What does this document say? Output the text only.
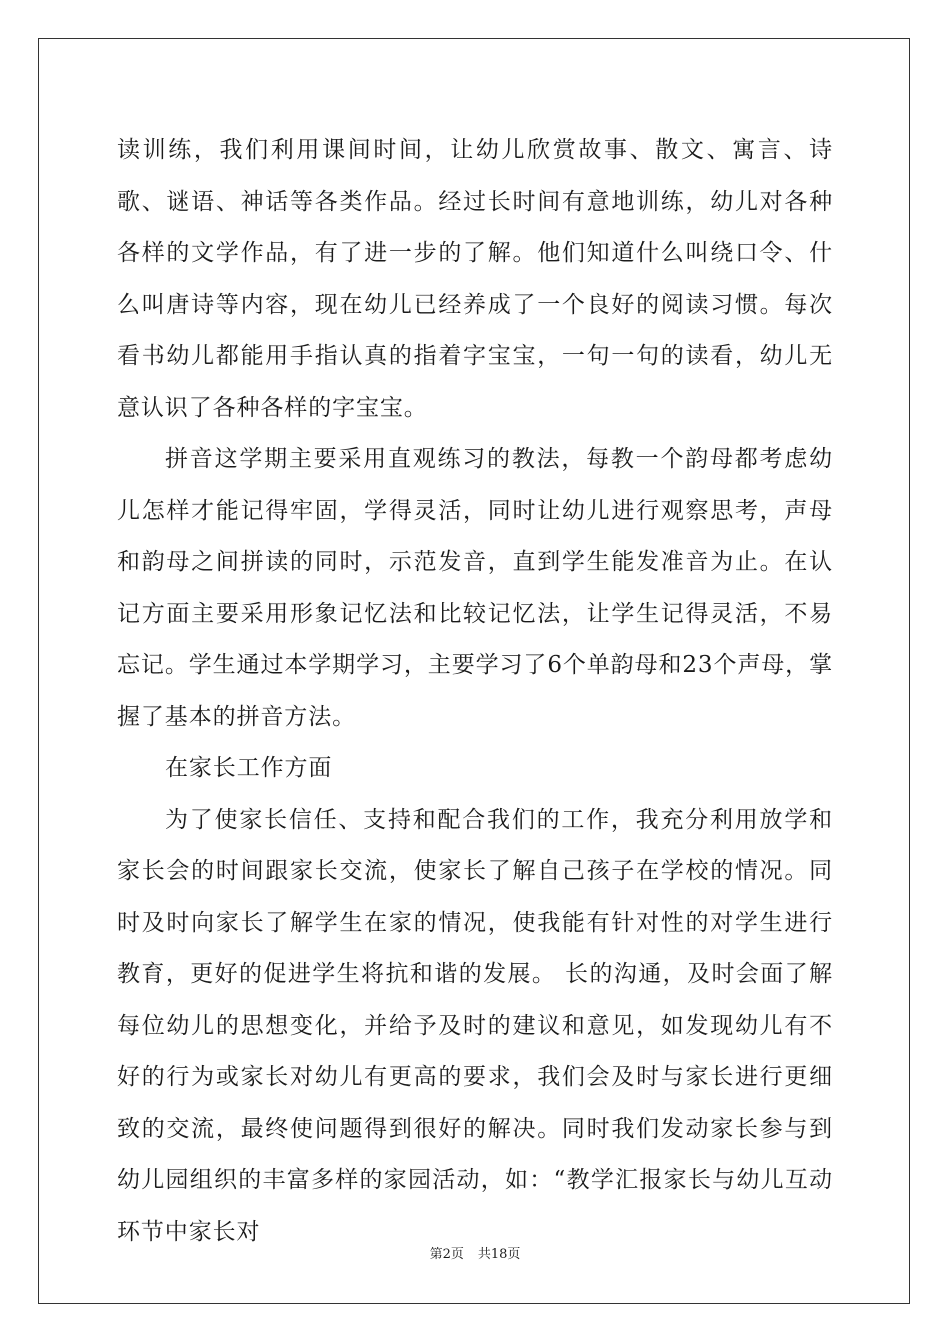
读训练，我们利用课间时间，让幼儿欣赏故事、散文、寓言、诗歌、谜语、神话等各类作品。经过长时间有意地训练，幼儿对各种各样的文学作品，有了进一步的了解。他们知道什么叫绕口令、什么叫唐诗等内容，现在幼儿已经养成了一个良好的阅读习惯。每次看书幼儿都能用手指认真的指着字宝宝，一句一句的读看，幼儿无意认识了各种各样的字宝宝。

拼音这学期主要采用直观练习的教法，每教一个韵母都考虑幼儿怎样才能记得牢固，学得灵活，同时让幼儿进行观察思考，声母和韵母之间拼读的同时，示范发音，直到学生能发准音为止。在认记方面主要采用形象记忆法和比较记忆法，让学生记得灵活，不易忘记。学生通过本学期学习，主要学习了6个单韵母和23个声母，掌握了基本的拼音方法。

在家长工作方面

为了使家长信任、支持和配合我们的工作，我充分利用放学和家长会的时间跟家长交流，使家长了解自己孩子在学校的情况。同时及时向家长了解学生在家的情况，使我能有针对性的对学生进行教育，更好的促进学生将抗和谐的发展。 长的沟通，及时会面了解每位幼儿的思想变化，并给予及时的建议和意见，如发现幼儿有不好的行为或家长对幼儿有更高的要求，我们会及时与家长进行更细致的交流，最终使问题得到很好的解决。同时我们发动家长参与到幼儿园组织的丰富多样的家园活动，如：“教学汇报家长与幼儿互动环节中家长对

第2页 共18页
